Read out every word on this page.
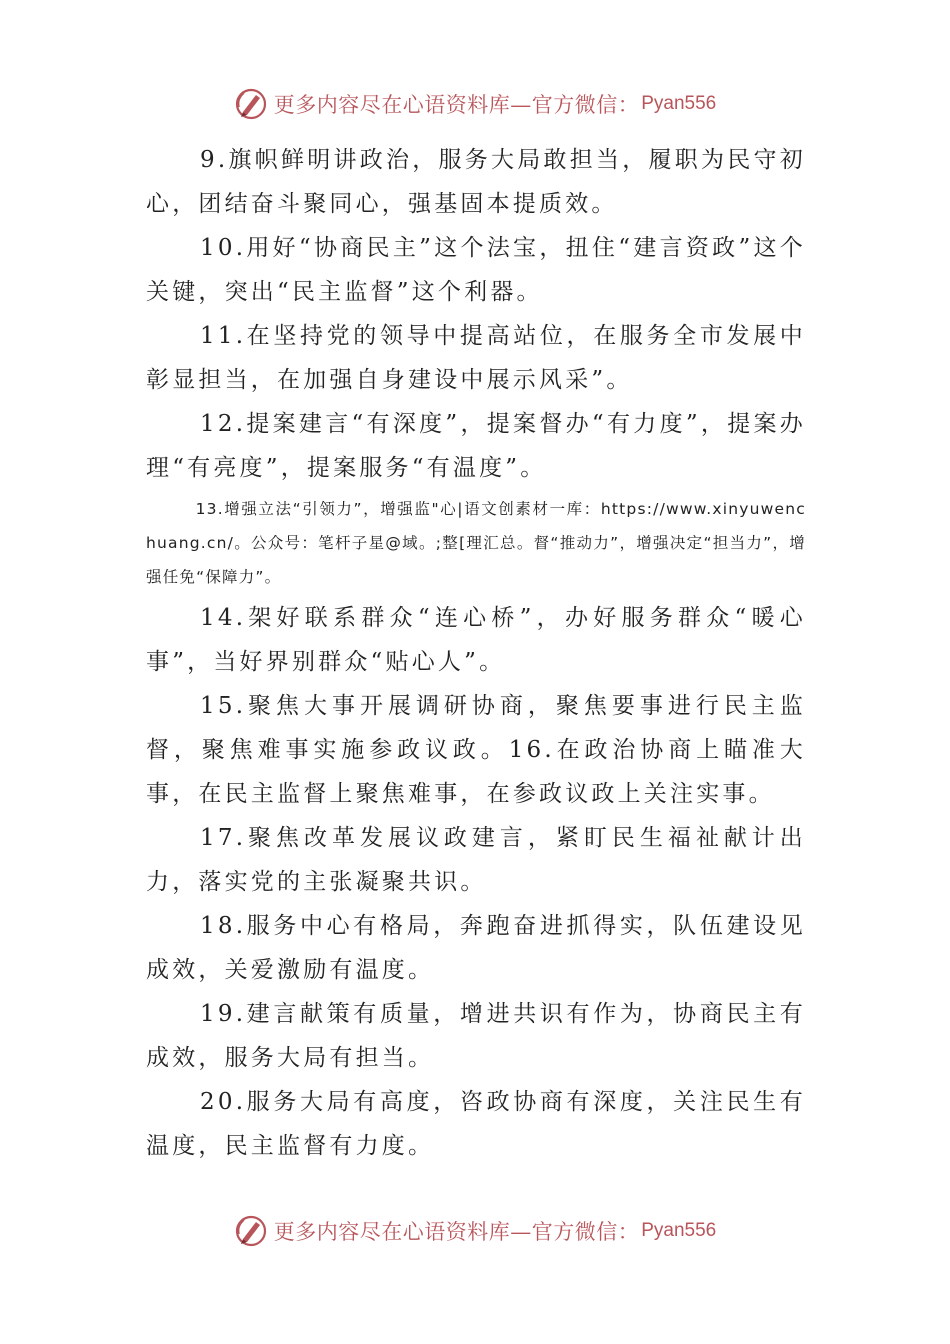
更多内容尽在心语资料库—官方微信： Pyan556

9.旗帜鲜明讲政治，服务大局敢担当，履职为民守初心，团结奋斗聚同心，强基固本提质效。

10.用好“协商民主”这个法宝，扭住“建言资政”这个关键，突出“民主监督”这个利器。

11.在坚持党的领导中提高站位，在服务全市发展中彰显担当，在加强自身建设中展示风采”。

12.提案建言“有深度”，提案督办“有力度”，提案办理“有亮度”，提案服务“有温度”。

13.增强立法“引领力”，增强监"心|语文创素材一库：https://www.xinyuwenchuang.cn/。公众号：笔杆子星@域。;整[理汇总。督“推动力”，增强决定“担当力”，增强任免“保障力”。

14.架好联系群众“连心桥”，办好服务群众“暖心事”，当好界别群众“贴心人”。

15.聚焦大事开展调研协商，聚焦要事进行民主监督，聚焦难事实施参政议政。16.在政治协商上瞄准大事，在民主监督上聚焦难事，在参政议政上关注实事。

17.聚焦改革发展议政建言，紧盯民生福祉献计出力，落实党的主张凝聚共识。

18.服务中心有格局，奔跑奋进抓得实，队伍建设见成效，关爱激励有温度。

19.建言献策有质量，增进共识有作为，协商民主有成效，服务大局有担当。

20.服务大局有高度，咨政协商有深度，关注民生有温度，民主监督有力度。

更多内容尽在心语资料库—官方微信： Pyan556
